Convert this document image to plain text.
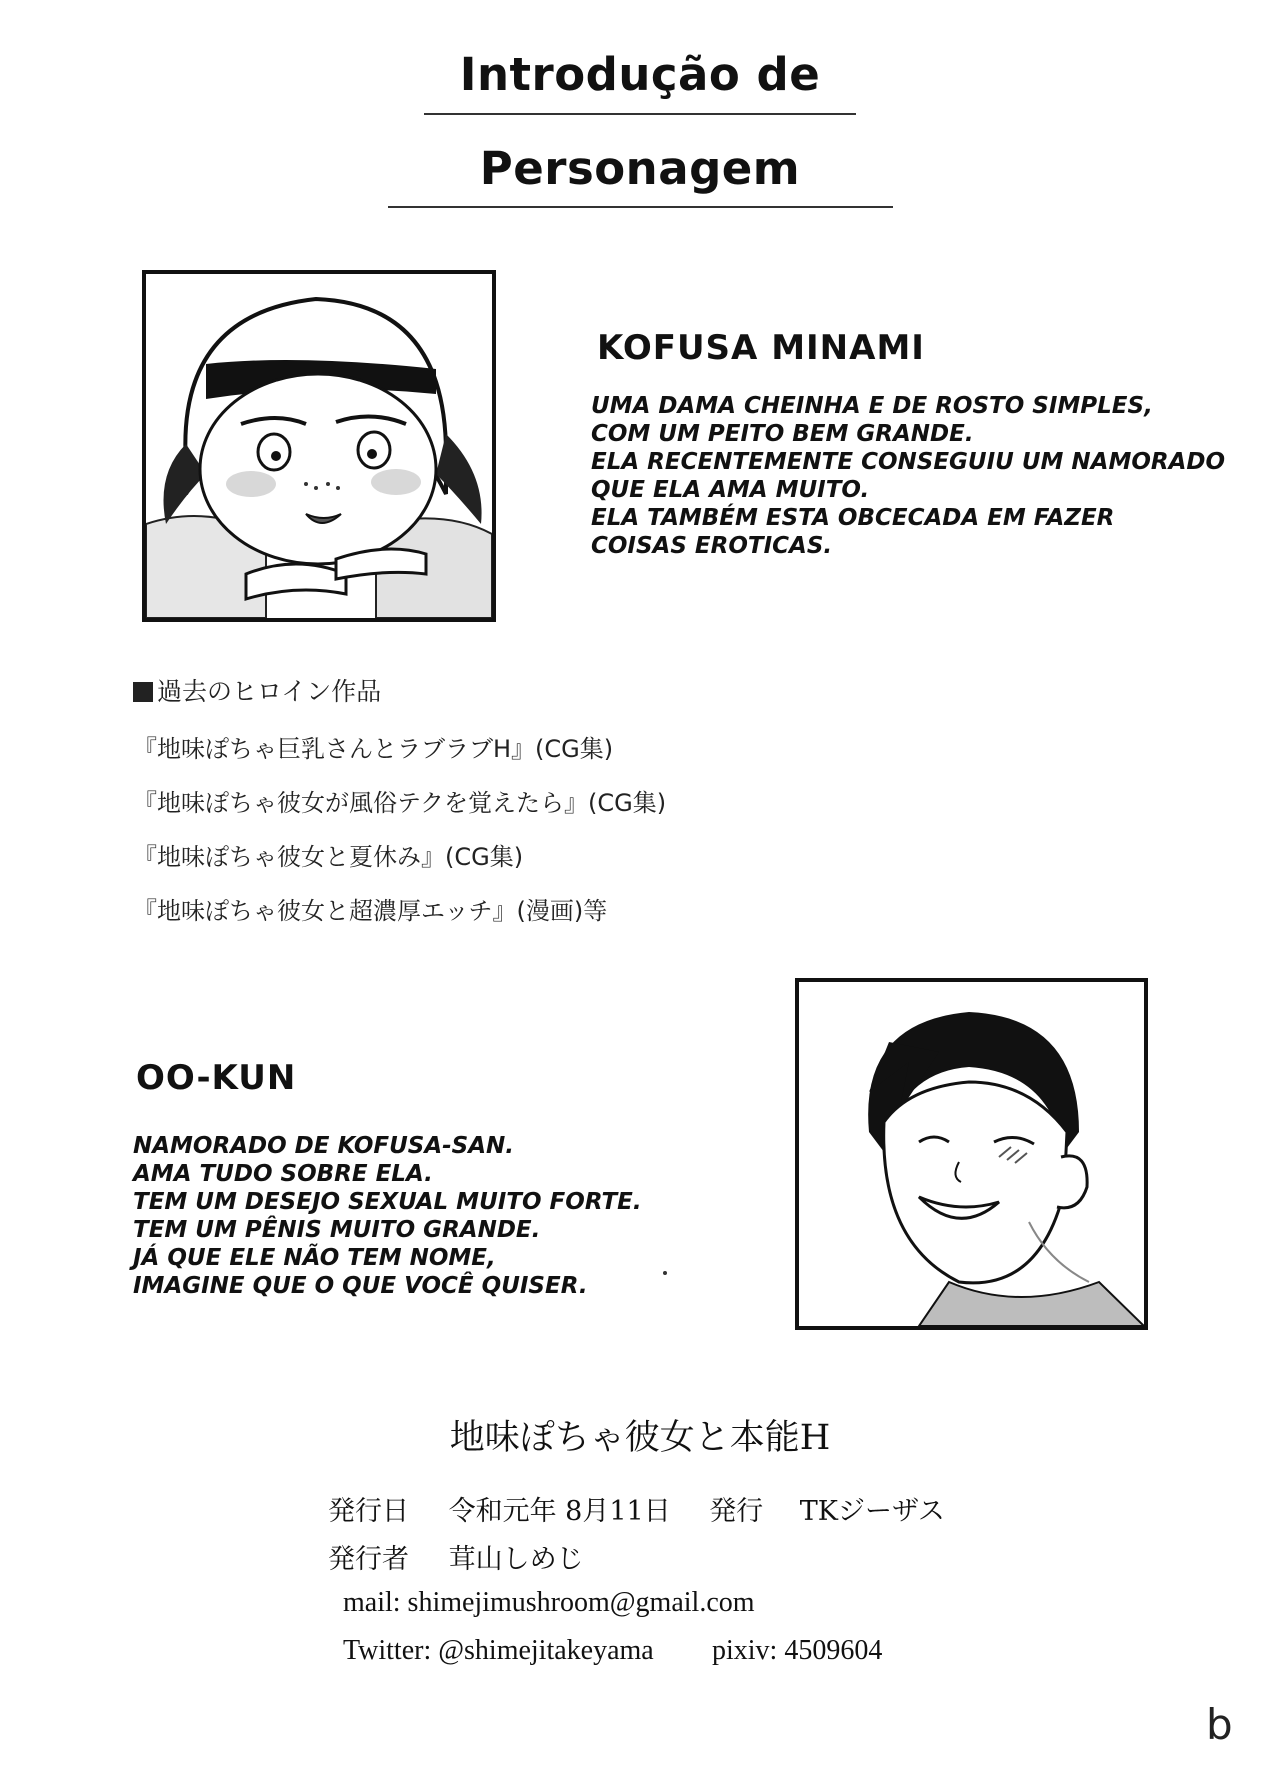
Introdução de
Personagem
KOFUSA MINAMI
UMA DAMA CHEINHA E DE ROSTO SIMPLES,
COM UM PEITO BEM GRANDE.
ELA RECENTEMENTE CONSEGUIU UM NAMORADO
QUE ELA AMA MUITO.
ELA TAMBÉM ESTA OBCECADA EM FAZER
COISAS EROTICAS.
過去のヒロイン作品
『地味ぽちゃ巨乳さんとラブラブH』(CG集)
『地味ぽちゃ彼女が風俗テクを覚えたら』(CG集)
『地味ぽちゃ彼女と夏休み』(CG集)
『地味ぽちゃ彼女と超濃厚エッチ』(漫画)等
OO-KUN
NAMORADO DE KOFUSA-SAN.
AMA TUDO SOBRE ELA.
TEM UM DESEJO SEXUAL MUITO FORTE.
TEM UM PÊNIS MUITO GRANDE.
JÁ QUE ELE NÃO TEM NOME,
IMAGINE QUE O QUE VOCÊ QUISER.
地味ぽちゃ彼女と本能H
発行日 令和元年 8月11日 発行 TKジーザス
発行者 茸山しめじ
mail: shimejimushroom@gmail.com
Twitter: @shimejitakeyama pixiv: 4509604
b
